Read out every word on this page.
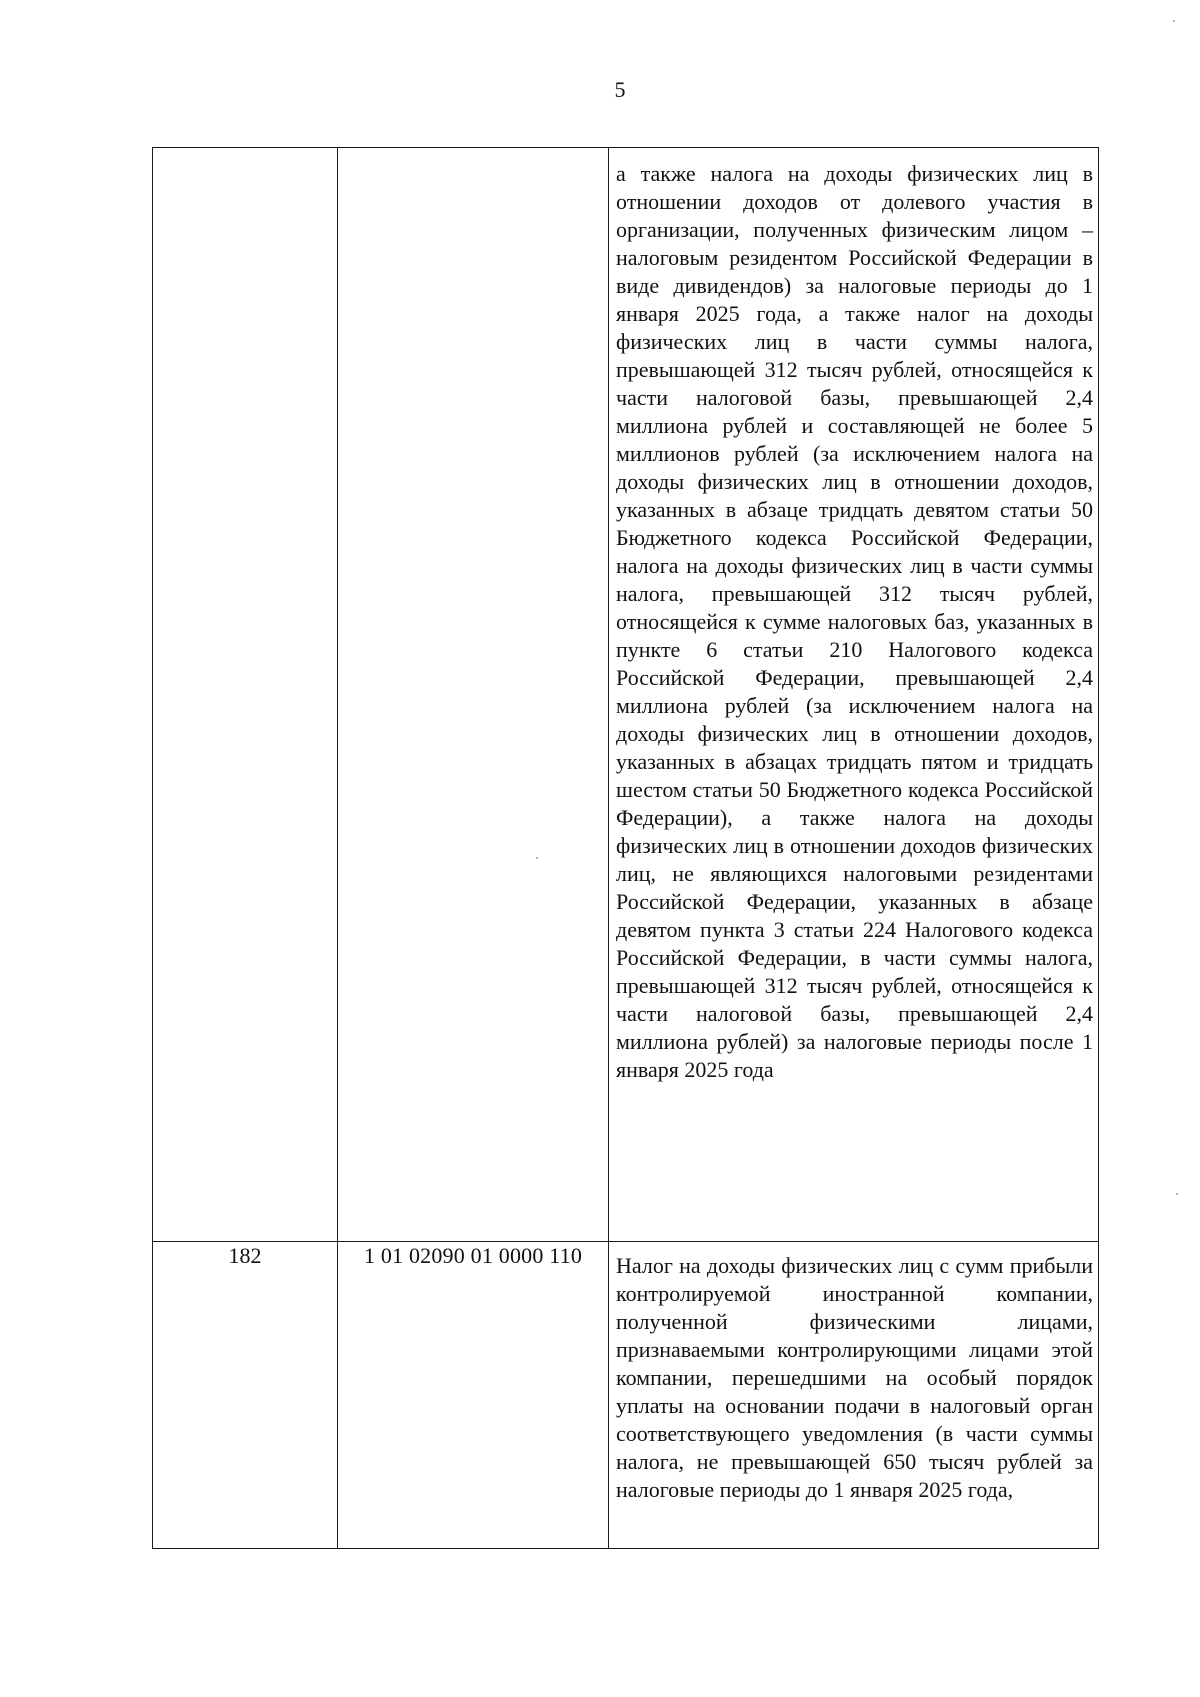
5

		а также налога на доходы физических лиц в отношении доходов от долевого участия в организации, полученных физическим лицом – налоговым резидентом Российской Федерации в виде дивидендов) за налоговые периоды до 1 января 2025 года, а также налог на доходы физических лиц в части суммы налога, превышающей 312 тысяч рублей, относящейся к части налоговой базы, превышающей 2,4 миллиона рублей и составляющей не более 5 миллионов рублей (за исключением налога на доходы физических лиц в отношении доходов, указанных в абзаце тридцать девятом статьи 50 Бюджетного кодекса Российской Федерации, налога на доходы физических лиц в части суммы налога, превышающей 312 тысяч рублей, относящейся к сумме налоговых баз, указанных в пункте 6 статьи 210 Налогового кодекса Российской Федерации, превышающей 2,4 миллиона рублей (за исключением налога на доходы физических лиц в отношении доходов, указанных в абзацах тридцать пятом и тридцать шестом статьи 50 Бюджетного кодекса Российской Федерации), а также налога на доходы физических лиц в отношении доходов физических лиц, не являющихся налоговыми резидентами Российской Федерации, указанных в абзаце девятом пункта 3 статьи 224 Налогового кодекса Российской Федерации, в части суммы налога, превышающей 312 тысяч рублей, относящейся к части налоговой базы, превышающей 2,4 миллиона рублей) за налоговые периоды после 1 января 2025 года

182	1 01 02090 01 0000 110	Налог на доходы физических лиц с сумм прибыли контролируемой иностранной компании, полученной физическими лицами, признаваемыми контролирующими лицами этой компании, перешедшими на особый порядок уплаты на основании подачи в налоговый орган соответствующего уведомления (в части суммы налога, не превышающей 650 тысяч рублей за налоговые периоды до 1 января 2025 года,
